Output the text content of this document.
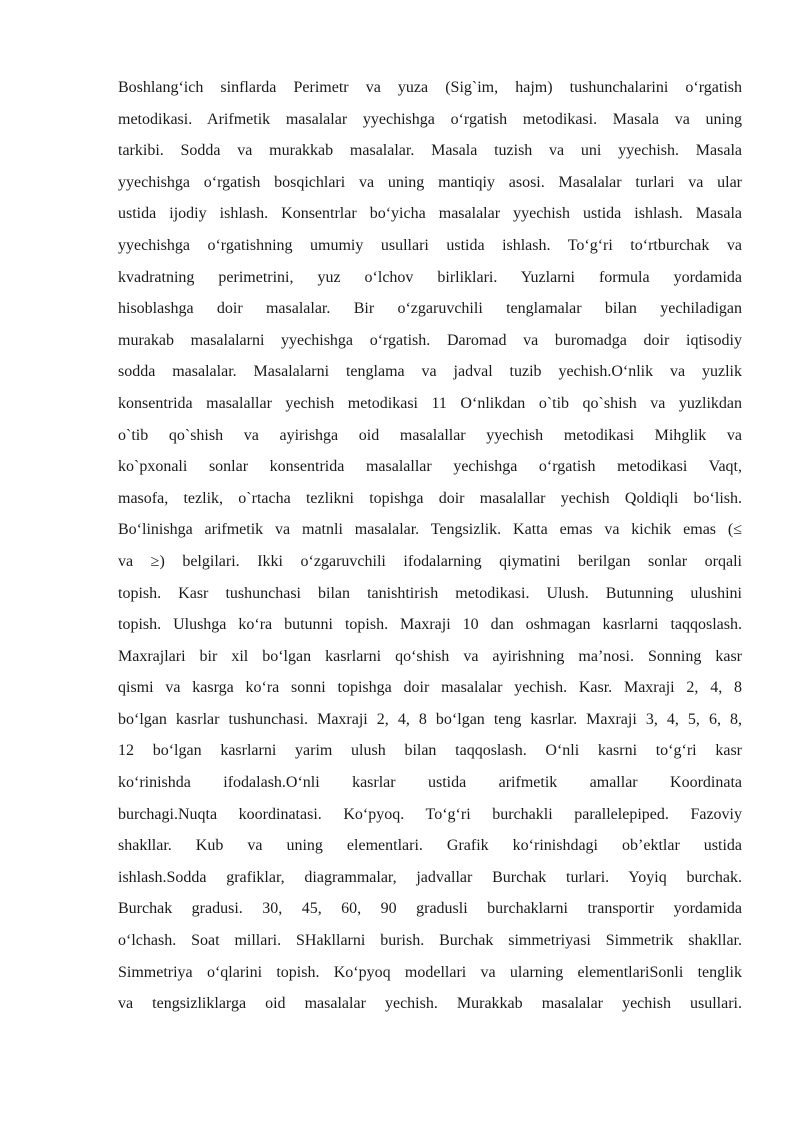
Boshlang‘ich sinflarda Perimetr va yuza (Sig`im, hajm) tushunchalarini o‘rgatish
metodikasi. Arifmetik masalalar yyechishga o‘rgatish metodikasi. Masala va uning
tarkibi. Sodda va murakkab masalalar. Masala tuzish va uni yyechish. Masala
yyechishga o‘rgatish bosqichlari va uning mantiqiy asosi. Masalalar turlari va ular
ustida ijodiy ishlash. Konsentrlar bo‘yicha masalalar yyechish ustida ishlash. Masala
yyechishga o‘rgatishning umumiy usullari ustida ishlash. To‘g‘ri to‘rtburchak va
kvadratning perimetrini, yuz o‘lchov birliklari. Yuzlarni formula yordamida
hisoblashga doir masalalar. Bir o‘zgaruvchili tenglamalar bilan yechiladigan
murakab masalalarni yyechishga o‘rgatish. Daromad va buromadga doir iqtisodiy
sodda masalalar. Masalalarni tenglama va jadval tuzib yechish.O‘nlik va yuzlik
konsentrida masalallar yechish metodikasi 11 O‘nlikdan o`tib qo`shish va yuzlikdan
o`tib qo`shish va ayirishga oid masalallar yyechish metodikasi Mihglik va
ko`pxonali sonlar konsentrida masalallar yechishga o‘rgatish metodikasi Vaqt,
masofa, tezlik, o`rtacha tezlikni topishga doir masalallar yechish Qoldiqli bo‘lish.
Bo‘linishga arifmetik va matnli masalalar. Tengsizlik. Katta emas va kichik emas (≤
va ≥) belgilari. Ikki o‘zgaruvchili ifodalarning qiymatini berilgan sonlar orqali
topish. Kasr tushunchasi bilan tanishtirish metodikasi. Ulush. Butunning ulushini
topish. Ulushga ko‘ra butunni topish. Maxraji 10 dan oshmagan kasrlarni taqqoslash.
Maxrajlari bir xil bo‘lgan kasrlarni qo‘shish va ayirishning ma’nosi. Sonning kasr
qismi va kasrga ko‘ra sonni topishga doir masalalar yechish. Kasr. Maxraji 2, 4, 8
bo‘lgan kasrlar tushunchasi. Maxraji 2, 4, 8 bo‘lgan teng kasrlar. Maxraji 3, 4, 5, 6, 8,
12 bo‘lgan kasrlarni yarim ulush bilan taqqoslash. O‘nli kasrni to‘g‘ri kasr
ko‘rinishda ifodalash.O‘nli kasrlar ustida arifmetik amallar Koordinata
burchagi.Nuqta koordinatasi. Ko‘pyoq. To‘g‘ri burchakli parallelepiped. Fazoviy
shakllar. Kub va uning elementlari. Grafik ko‘rinishdagi ob’ektlar ustida
ishlash.Sodda grafiklar, diagrammalar, jadvallar Burchak turlari. Yoyiq burchak.
Burchak gradusi. 30, 45, 60, 90 gradusli burchaklarni transportir yordamida
o‘lchash. Soat millari. SHakllarni burish. Burchak simmetriyasi Simmetrik shakllar.
Simmetriya o‘qlarini topish. Ko‘pyoq modellari va ularning elementlariSonli tenglik
va tengsizliklarga oid masalalar yechish. Murakkab masalalar yechish usullari.
